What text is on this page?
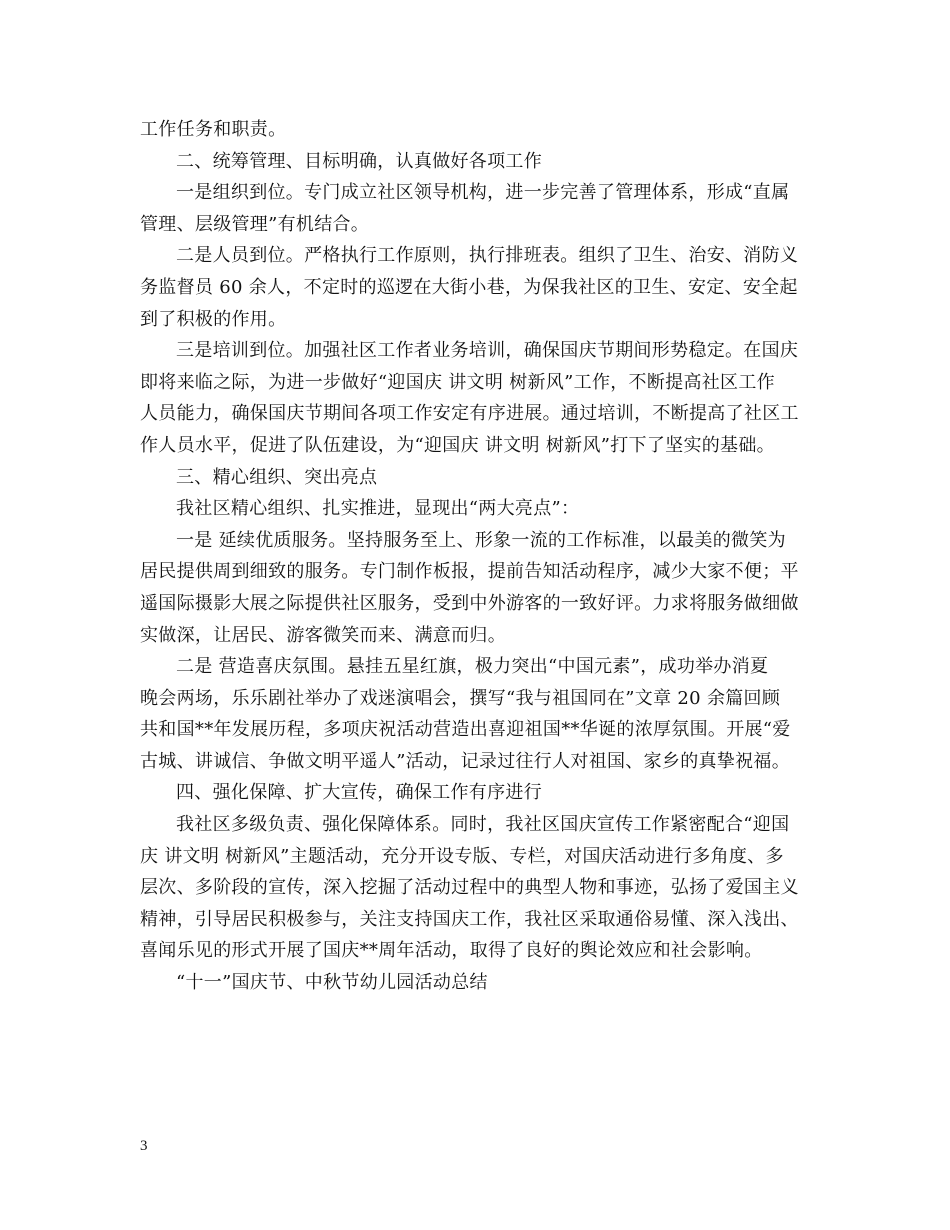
工作任务和职责。
二、统筹管理、目标明确，认真做好各项工作
一是组织到位。专门成立社区领导机构，进一步完善了管理体系，形成“直属
管理、层级管理”有机结合。
二是人员到位。严格执行工作原则，执行排班表。组织了卫生、治安、消防义
务监督员 60 余人，不定时的巡逻在大街小巷，为保我社区的卫生、安定、安全起
到了积极的作用。
三是培训到位。加强社区工作者业务培训，确保国庆节期间形势稳定。在国庆
即将来临之际，为进一步做好“迎国庆 讲文明 树新风”工作，不断提高社区工作
人员能力，确保国庆节期间各项工作安定有序进展。通过培训，不断提高了社区工
作人员水平，促进了队伍建设，为“迎国庆 讲文明 树新风”打下了坚实的基础。
三、精心组织、突出亮点
我社区精心组织、扎实推进，显现出“两大亮点”：
一是 延续优质服务。坚持服务至上、形象一流的工作标准，以最美的微笑为
居民提供周到细致的服务。专门制作板报，提前告知活动程序，减少大家不便；平
遥国际摄影大展之际提供社区服务，受到中外游客的一致好评。力求将服务做细做
实做深，让居民、游客微笑而来、满意而归。
二是 营造喜庆氛围。悬挂五星红旗，极力突出“中国元素”，成功举办消夏
晚会两场，乐乐剧社举办了戏迷演唱会，撰写“我与祖国同在”文章 20 余篇回顾
共和国**年发展历程，多项庆祝活动营造出喜迎祖国**华诞的浓厚氛围。开展“爱
古城、讲诚信、争做文明平遥人”活动，记录过往行人对祖国、家乡的真挚祝福。
四、强化保障、扩大宣传，确保工作有序进行
我社区多级负责、强化保障体系。同时，我社区国庆宣传工作紧密配合“迎国
庆 讲文明 树新风”主题活动，充分开设专版、专栏，对国庆活动进行多角度、多
层次、多阶段的宣传，深入挖掘了活动过程中的典型人物和事迹，弘扬了爱国主义
精神，引导居民积极参与，关注支持国庆工作，我社区采取通俗易懂、深入浅出、
喜闻乐见的形式开展了国庆**周年活动，取得了良好的舆论效应和社会影响。
“十一”国庆节、中秋节幼儿园活动总结
3
